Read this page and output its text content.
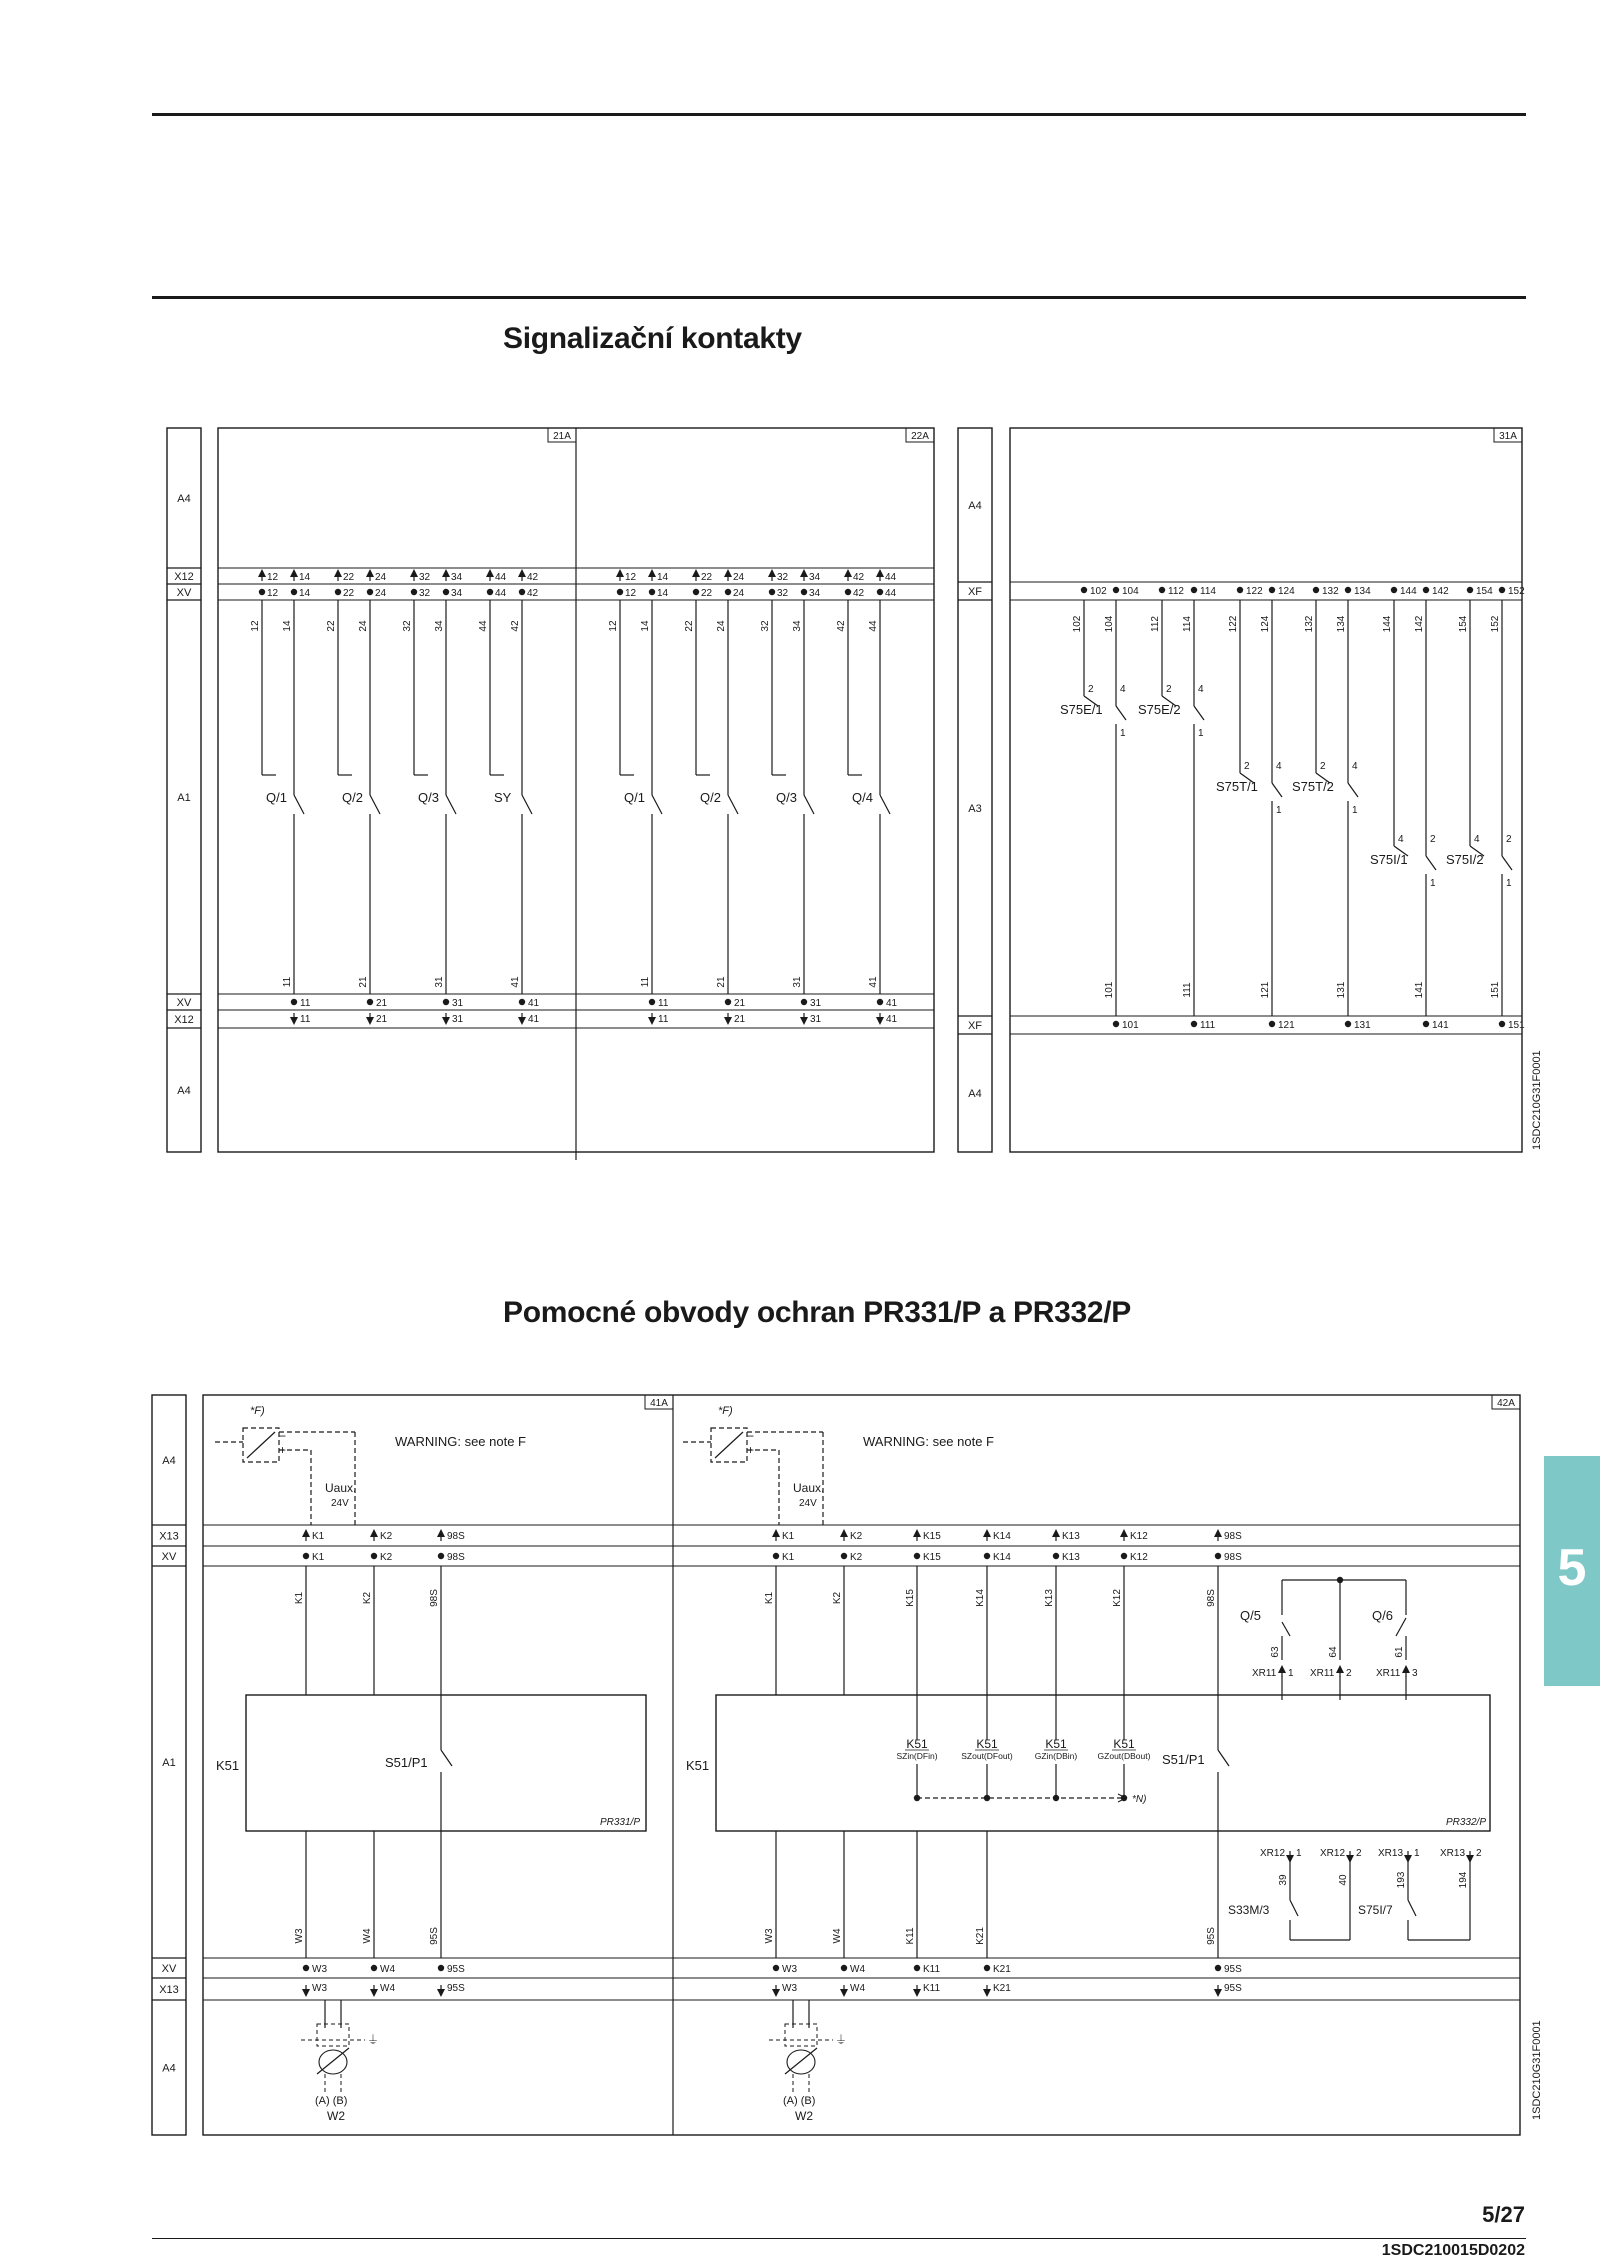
Signalizační kontakty
A4
X12
XV
A1
XV
X12
A4
21A	22A
12
12
12
14
14
14
22
22
22
24
24
24
32
32
32
34
34
34
44
44
44
42
42
42
Q/1
11
11
11
Q/2
21
21
21
Q/3
31
31
31
SY
41
41
41
12
12
12
14
14
14
22
22
22
24
24
24
32
32
32
34
34
34
42
42
42
44
44
44
Q/1
11
11
11
Q/2
21
21
21
Q/3
31
31
31
Q/4
41
41
41
A4
XF
A3
XF
A4
31A
102
102
104
104
112
112
114
114
122
122
124
124
132
132
134
134
144
144
142
142
154
154
152
152
2	4
S75E/1
1
101
101
2	4
S75E/2
1
111
111
2	4
S75T/1
1
121
121
2	4
S75T/2
1
131
131
4	2
S75I/1
1
141
141
4	2
S75I/2
1
151
151
1SDC210G31F0001
Pomocné obvody ochran PR331/P a PR332/P
A4
X13
XV
A1
XV
X13
A4
41A	42A
*F)
−
+
WARNING: see note F
Uaux.
24V
K1
K1
K1
K2
K2
K2
98S
98S
98S
K51	S51/P1
PR331/P
W3
W3
W3
W4
W4
W4
95S
95S
95S
⏚
(A) (B)
W2
*F)
−
+
WARNING: see note F
Uaux.
24V
K1
K1
K1
K2
K2
K2
K15
K15
K15
K14
K14
K14
K13
K13
K13
K12
K12
K12
98S
98S
98S
K51
K51
SZin(DFin)
K51
SZout(DFout)
K51
GZin(DBin)
K51
GZout(DBout)
*N)
S51/P1
PR332/P
W3
W3
W3
W4
W4
W4
K11
K11
K11
K21
K21
K21
95S
95S
95S
⏚
(A) (B)
W2
Q/5	Q/6
63	64	61
XR11 1 XR11 2 XR11 3
XR12 1
39
XR12 2
40
XR13 1
193
XR13 2
194
S33M/3	S75I/7
1SDC210G31F0001
5
5/27
1SDC210015D0202
